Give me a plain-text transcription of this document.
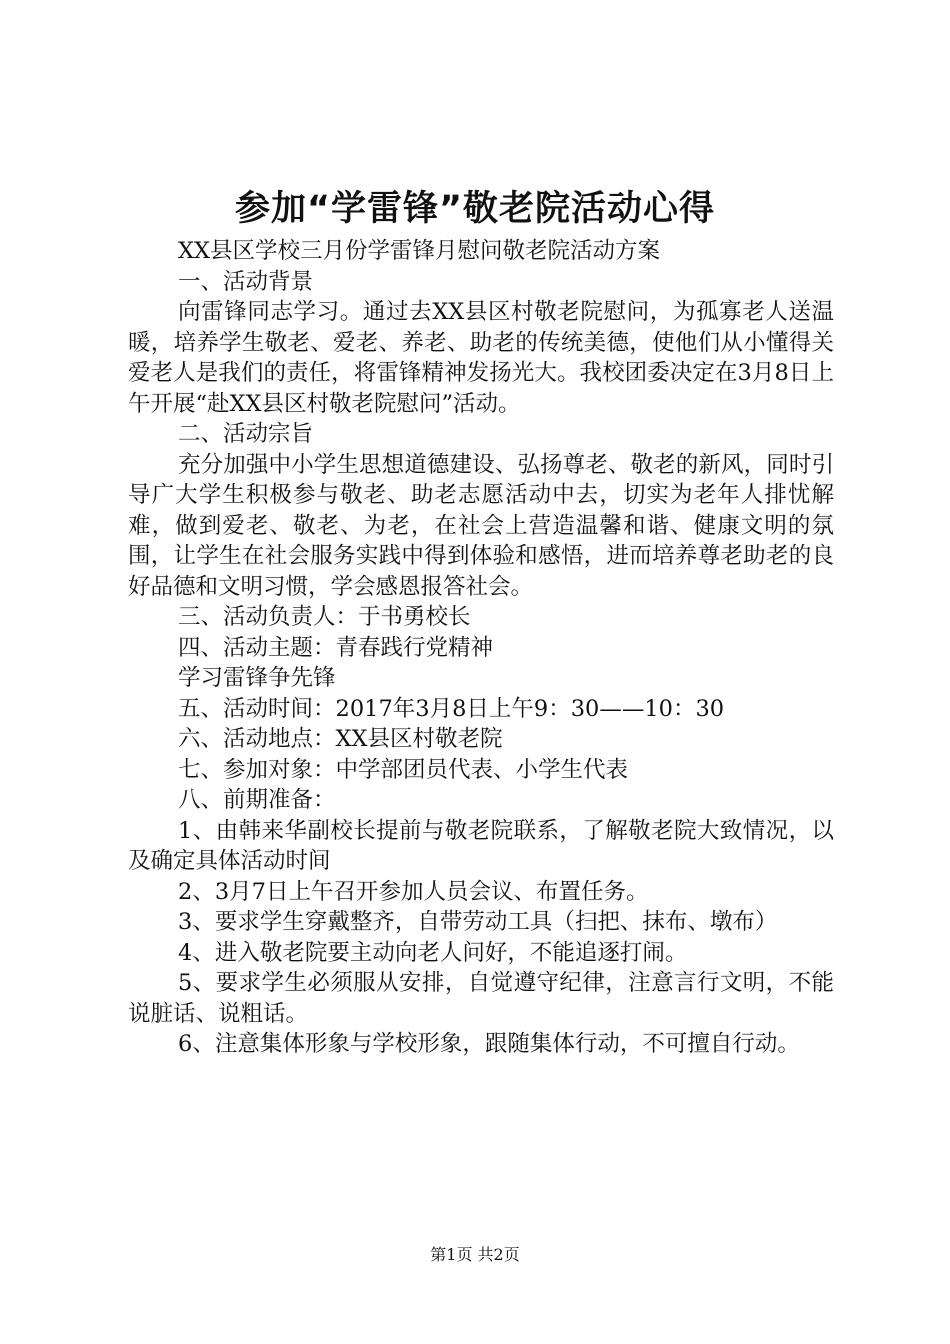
参加“学雷锋”敬老院活动心得

XX县区学校三月份学雷锋月慰问敬老院活动方案

一、活动背景

向雷锋同志学习。通过去XX县区村敬老院慰问，为孤寡老人送温暖，培养学生敬老、爱老、养老、助老的传统美德，使他们从小懂得关爱老人是我们的责任，将雷锋精神发扬光大。我校团委决定在3月8日上午开展“赴XX县区村敬老院慰问”活动。

二、活动宗旨

充分加强中小学生思想道德建设、弘扬尊老、敬老的新风，同时引导广大学生积极参与敬老、助老志愿活动中去，切实为老年人排忧解难，做到爱老、敬老、为老，在社会上营造温馨和谐、健康文明的氛围，让学生在社会服务实践中得到体验和感悟，进而培养尊老助老的良好品德和文明习惯，学会感恩报答社会。

三、活动负责人：于书勇校长

四、活动主题：青春践行党精神

学习雷锋争先锋

五、活动时间：2017年3月8日上午9：30——10：30

六、活动地点：XX县区村敬老院

七、参加对象：中学部团员代表、小学生代表

八、前期准备：

1、由韩来华副校长提前与敬老院联系，了解敬老院大致情况，以及确定具体活动时间

2、3月7日上午召开参加人员会议、布置任务。

3、要求学生穿戴整齐，自带劳动工具（扫把、抹布、墩布）

4、进入敬老院要主动向老人问好，不能追逐打闹。

5、要求学生必须服从安排，自觉遵守纪律，注意言行文明，不能说脏话、说粗话。

6、注意集体形象与学校形象，跟随集体行动，不可擅自行动。

第1页 共2页
